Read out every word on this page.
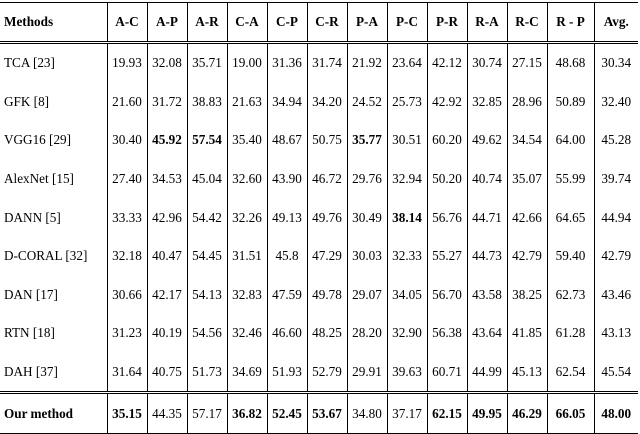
Methods	A-C	A-P	A-R	C-A	C-P	C-R	P-A	P-C	P-R	R-A	R-C	R - P	Avg.
TCA [23]	19.93	32.08	35.71	19.00	31.36	31.74	21.92	23.64	42.12	30.74	27.15	48.68	30.34
GFK [8]	21.60	31.72	38.83	21.63	34.94	34.20	24.52	25.73	42.92	32.85	28.96	50.89	32.40
VGG16 [29]	30.40	45.92	57.54	35.40	48.67	50.75	35.77	30.51	60.20	49.62	34.54	64.00	45.28
AlexNet [15]	27.40	34.53	45.04	32.60	43.90	46.72	29.76	32.94	50.20	40.74	35.07	55.99	39.74
DANN [5]	33.33	42.96	54.42	32.26	49.13	49.76	30.49	38.14	56.76	44.71	42.66	64.65	44.94
D-CORAL [32]	32.18	40.47	54.45	31.51	45.8	47.29	30.03	32.33	55.27	44.73	42.79	59.40	42.79
DAN [17]	30.66	42.17	54.13	32.83	47.59	49.78	29.07	34.05	56.70	43.58	38.25	62.73	43.46
RTN [18]	31.23	40.19	54.56	32.46	46.60	48.25	28.20	32.90	56.38	43.64	41.85	61.28	43.13
DAH [37]	31.64	40.75	51.73	34.69	51.93	52.79	29.91	39.63	60.71	44.99	45.13	62.54	45.54
Our method	35.15	44.35	57.17	36.82	52.45	53.67	34.80	37.17	62.15	49.95	46.29	66.05	48.00
